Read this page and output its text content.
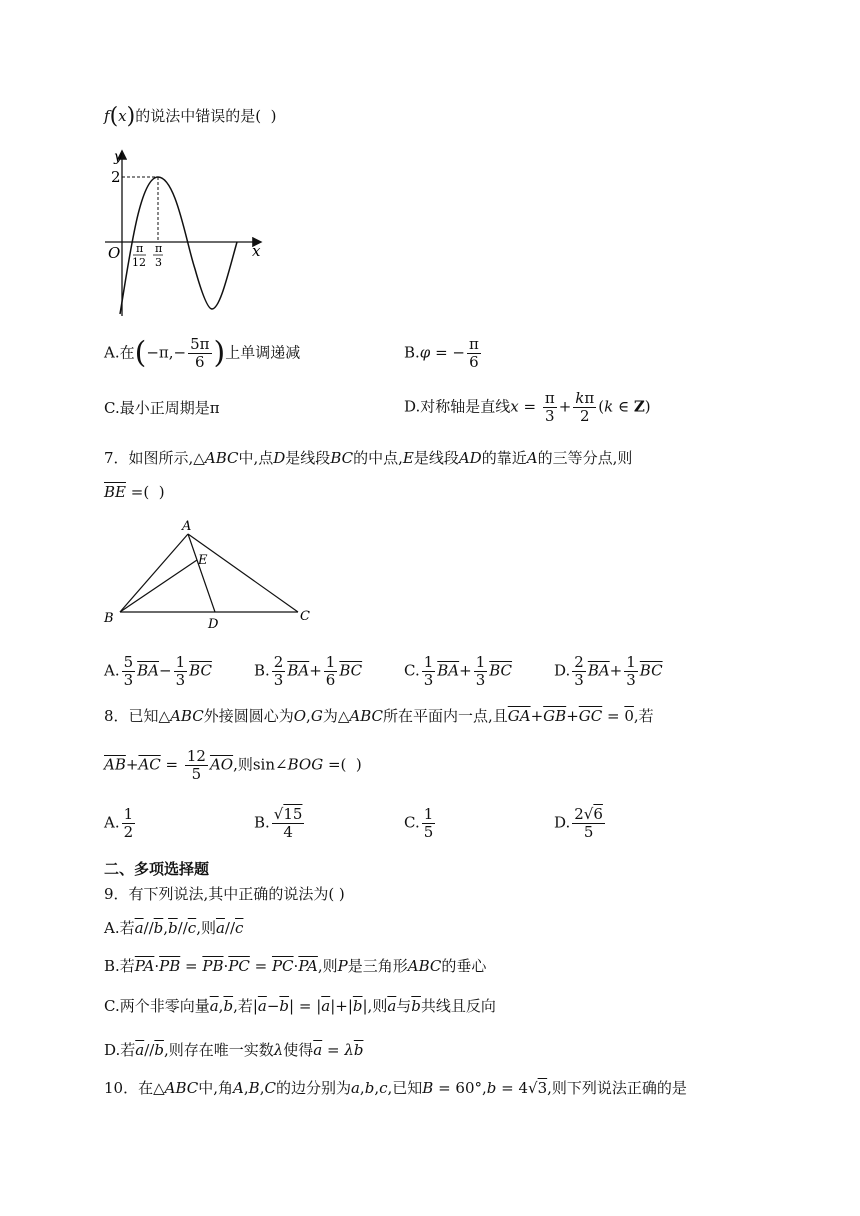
f(x)的说法中错误的是(  )
y
x
O
2
π
12
π
3
A.在($-\pi,- \frac{5\pi}{6}$ )上单调递减	B.φ = − $\frac{\pi}{6}$
C.最小正周期是π	D.对称轴是直线$x = \frac{\pi}{3} + \frac{k\pi}{2} (k$ ∈ Z)
7．如图所示,△ABC中,点D是线段BC的中点,E是线段AD的靠近A的三等分点,则
$\overline{BE}$ =(  )
A
E
B	C
D
A. $\frac{5}{3} \overline{BA}- \frac{1}{3} \overline{BC}$	B. $\frac{2}{3} \overline{BA}+ \frac{1}{6} \overline{BC}$	C. $\frac{1}{3} \overline{BA}+ \frac{1}{3} \overline{BC}$	D. $\frac{2}{3} \overline{BA}+ \frac{1}{3} \overline{BC}$
8．已知△ABC外接圆圆心为O,G为△ABC所在平面内一点,且$\overline{GA}+\overline{GB}+\overline{GC} = 0$,若
$\overline{AB}+\overline{AC} = \frac{12}{5} \overline{AO}$,则sin∠BOG =(  )
A. $\frac{1}{2}$	B. $\frac{√15}{4}$	C. $\frac{1}{5}$	D. $\frac{2√6}{5}$
二、多项选择题
9．有下列说法,其中正确的说法为( )
A.若$\overline{a}//\overline{b},\overline{b}//\overline{c}$,则$\overline{a}//\overline{c}$
B.若$\overline{PA}\cdot\overline{PB} = \overline{PB}\cdot\overline{PC} = \overline{PC}\cdot\overline{PA}$,则P是三角形ABC的垂心
C.两个非零向量$\overline{a},\overline{b}$,若$|\overline{a}-\overline{b}| = |\overline{a}|+|\overline{b}|$,则$\overline{a}$与$\overline{b}$共线且反向
D.若$\overline{a}//\overline{b}$,则存在唯一实数λ使得$\overline{a} = \lambda\overline{b}$
10．在△ABC中,角A,B,C的边分别为a,b,c,已知B = 60°,b = 4√3,则下列说法正确的是
